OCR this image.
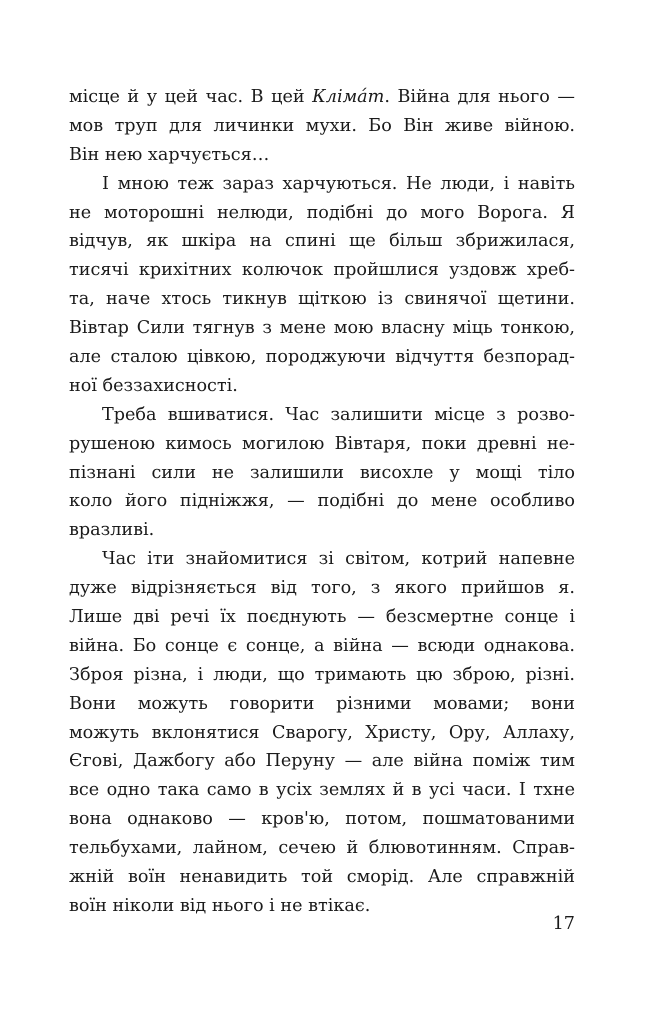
місце й у цей час. В цей Клімáт. Війна для нього —
мов труп для личинки мухи. Бо Він живе війною.
Він нею харчується…
І мною теж зараз харчуються. Не люди, і навіть
не моторошні нелюди, подібні до мого Ворога. Я
відчув, як шкіра на спині ще більш збрижилася,
тисячі крихітних колючок пройшлися уздовж хреб-
та, наче хтось тикнув щіткою із свинячої щетини.
Вівтар Сили тягнув з мене мою власну міць тонкою,
але сталою цівкою, породжуючи відчуття безпорад-
ної беззахисності.
Треба вшиватися. Час залишити місце з розво-
рушеною кимось могилою Вівтаря, поки древні не-
пізнані сили не залишили висохле у мощі тіло
коло його підніжжя, — подібні до мене особливо
вразливі.
Час іти знайомитися зі світом, котрий напевне
дуже відрізняється від того, з якого прийшов я.
Лише дві речі їх поєднують — безсмертне сонце і
війна. Бо сонце є сонце, а війна — всюди однакова.
Зброя різна, і люди, що тримають цю зброю, різні.
Вони можуть говорити різними мовами; вони
можуть вклонятися Сварогу, Христу, Ору, Аллаху,
Єгові, Дажбогу або Перуну — але війна поміж тим
все одно така само в усіх землях й в усі часи. І тхне
вона однаково — кров'ю, потом, пошматованими
тельбухами, лайном, сечею й блювотинням. Справ-
жній воїн ненавидить той сморід. Але справжній
воїн ніколи від нього і не втікає.
17
